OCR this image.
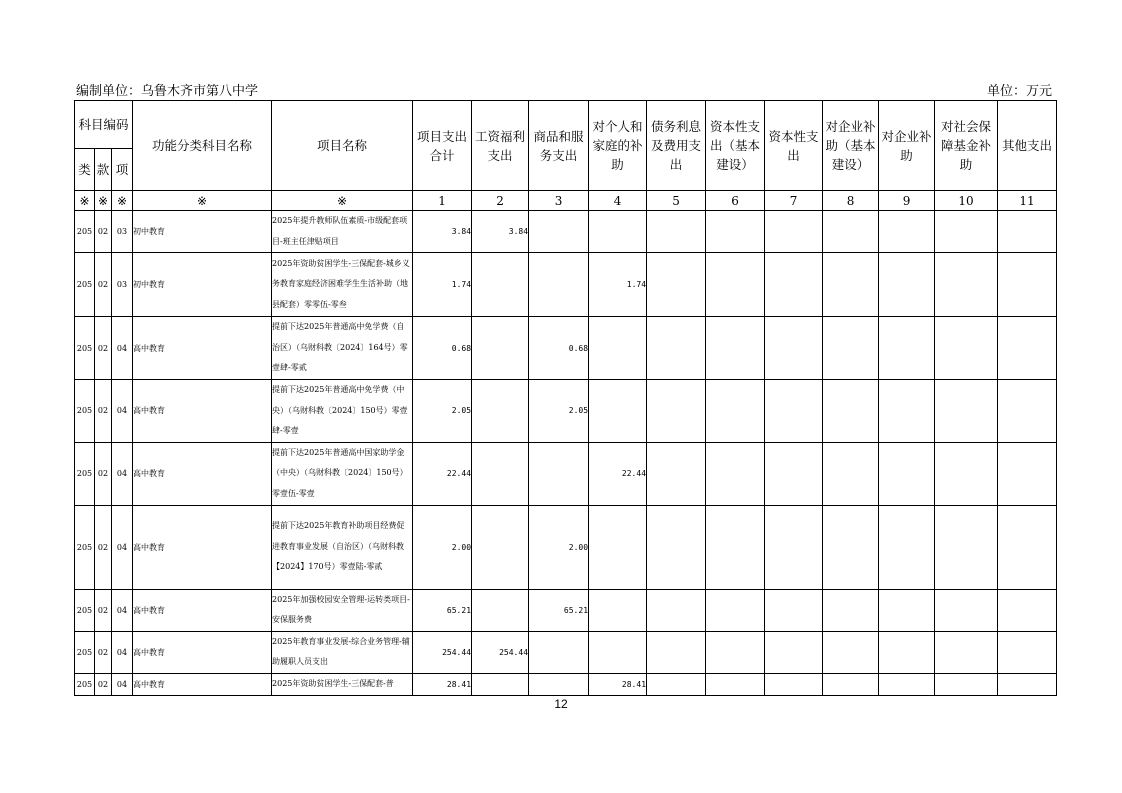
编制单位：乌鲁木齐市第八中学	单位：万元
科目编码			功能分类科目名称	项目名称	项目支出合计	工资福利支出	商品和服务支出	对个人和家庭的补助	债务利息及费用支出	资本性支出（基本建设）	资本性支出	对企业补助（基本建设）	对企业补助	对社会保障基金补助	其他支出
类	款	项													
※	※	※	※	※	1	2	3	4	5	6	7	8	9	10	11
205	02	03	初中教育	2025年提升教师队伍素质-市级配套项目-班主任津贴项目	3.84	3.84									
205	02	03	初中教育	2025年资助贫困学生-三保配套-城乡义务教育家庭经济困难学生生活补助（地县配套）零零伍-零叁	1.74			1.74							
205	02	04	高中教育	提前下达2025年普通高中免学费（自治区）（乌财科教〔2024〕164号）零壹肆-零贰	0.68		0.68								
205	02	04	高中教育	提前下达2025年普通高中免学费（中央）（乌财科教〔2024〕150号）零壹肆-零壹	2.05		2.05								
205	02	04	高中教育	提前下达2025年普通高中国家助学金（中央）（乌财科教〔2024〕150号）零壹伍-零壹	22.44			22.44							
205	02	04	高中教育	提前下达2025年教育补助项目经费促进教育事业发展（自治区）（乌财科教【2024】170号）零壹陆-零贰	2.00		2.00								
205	02	04	高中教育	2025年加强校园安全管理-运转类项目-安保服务费	65.21		65.21								
205	02	04	高中教育	2025年教育事业发展-综合业务管理-辅助履职人员支出	254.44	254.44									
205	02	04	高中教育	2025年资助贫困学生-三保配套-普	28.41			28.41							
12
